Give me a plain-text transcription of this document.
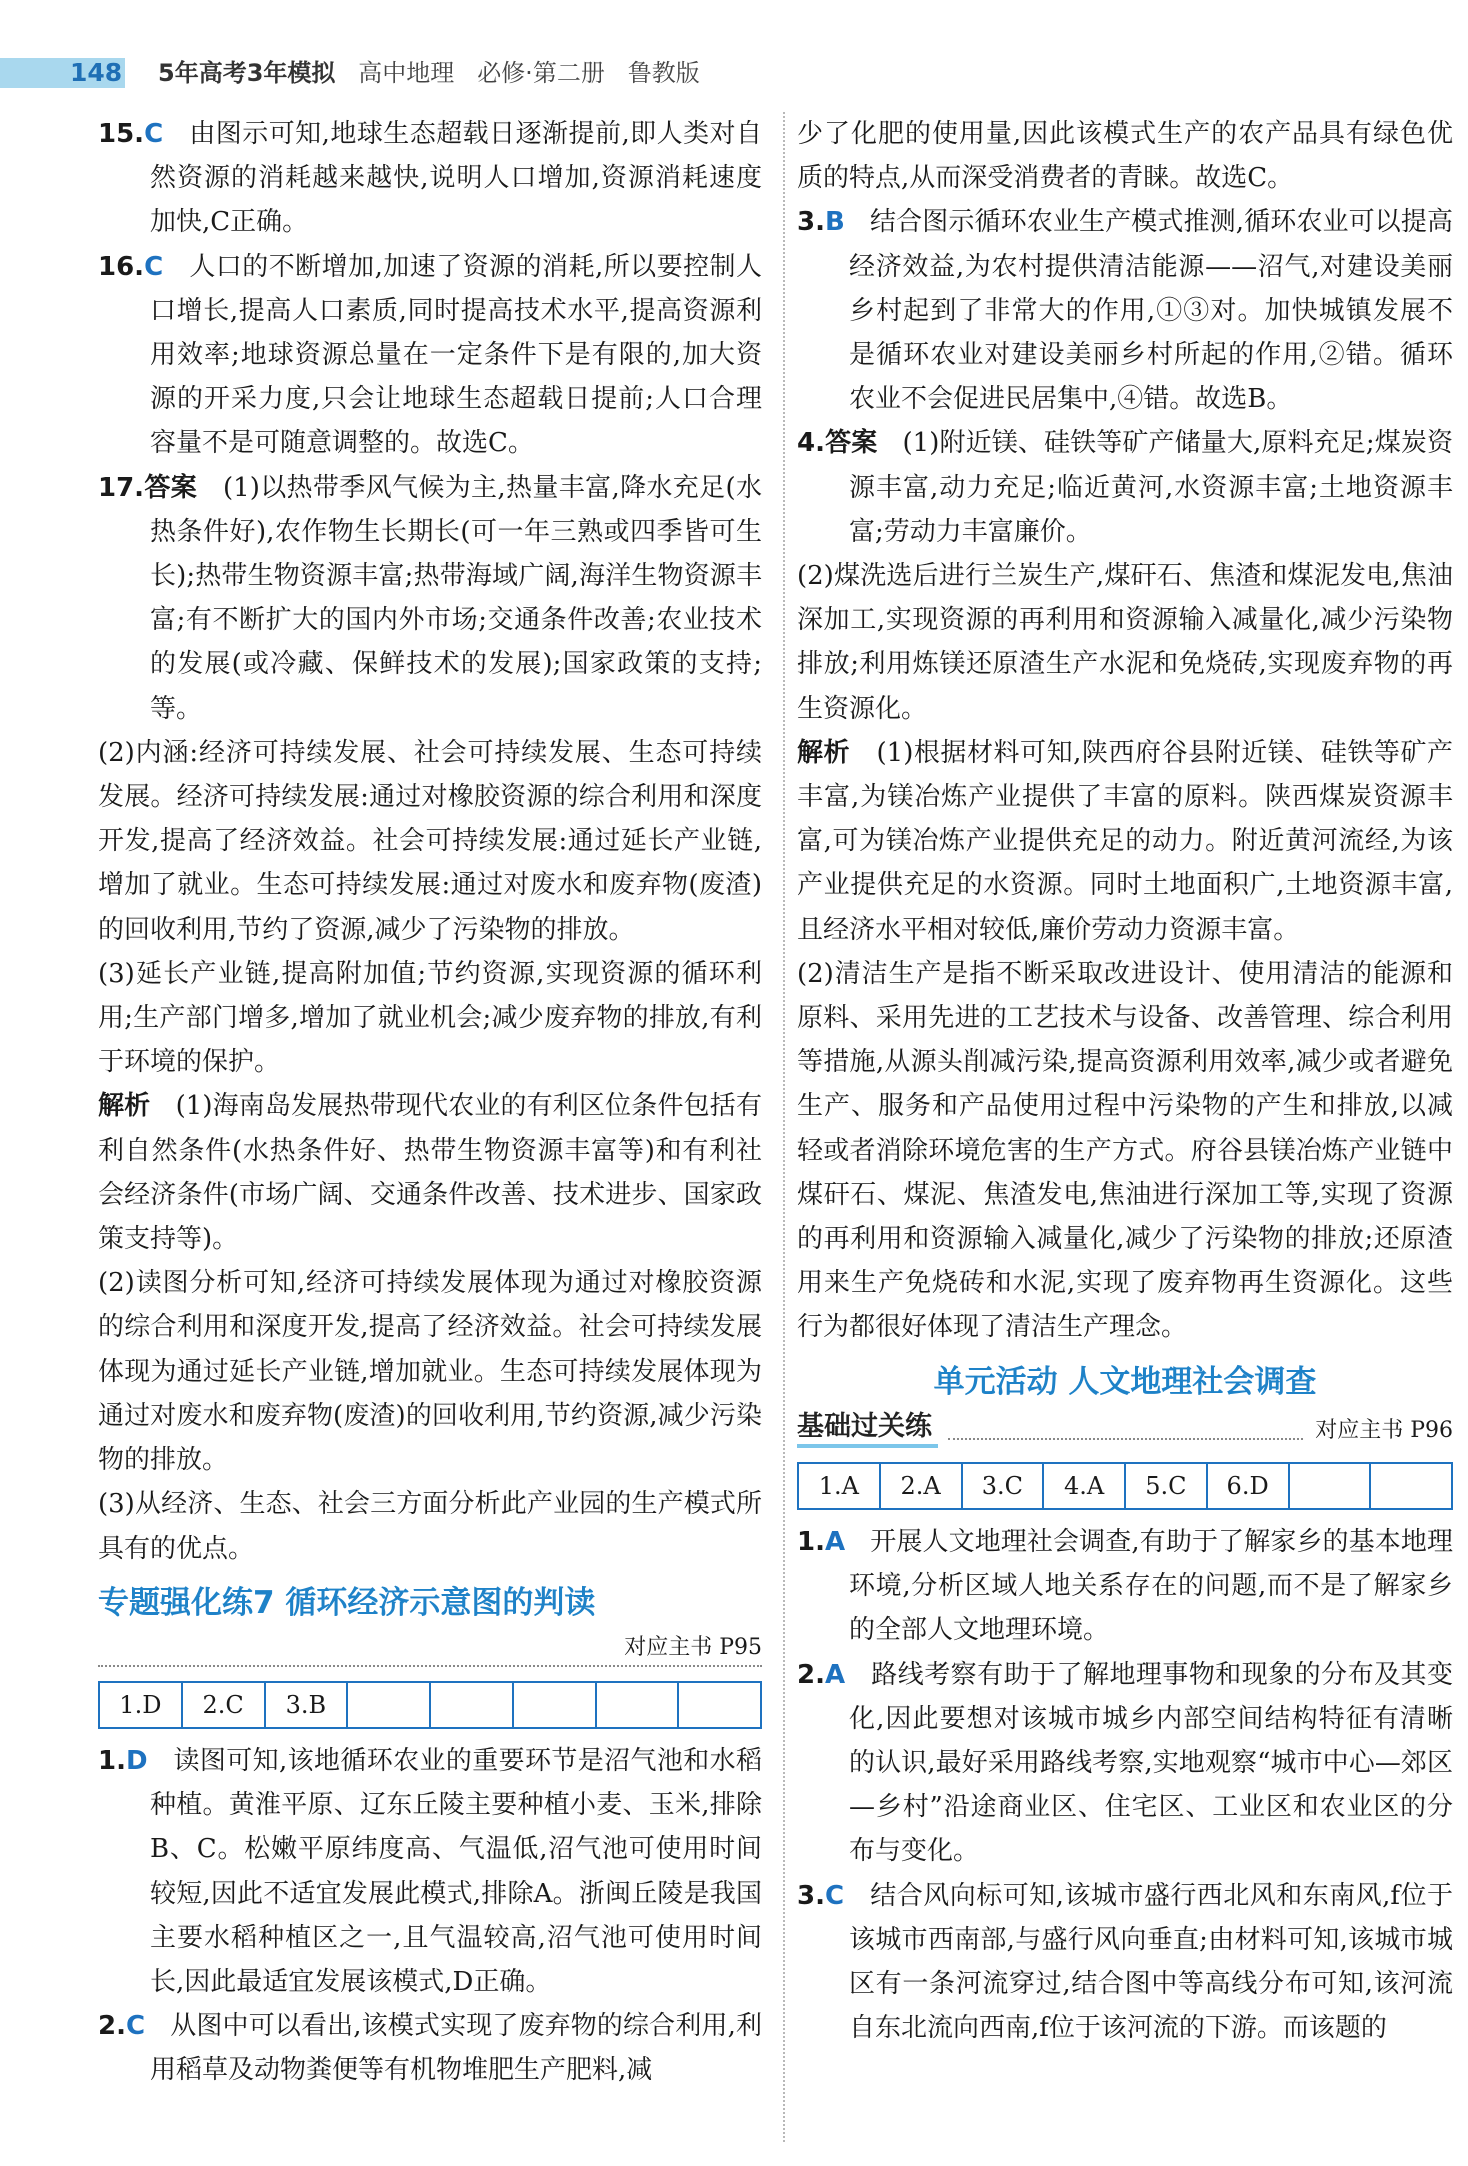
148 5年高考3年模拟 高中地理 必修·第二册 鲁教版

15.C 由图示可知,地球生态超载日逐渐提前,即人类对自然资源的消耗越来越快,说明人口增加,资源消耗速度加快,C正确。

16.C 人口的不断增加,加速了资源的消耗,所以要控制人口增长,提高人口素质,同时提高技术水平,提高资源利用效率;地球资源总量在一定条件下是有限的,加大资源的开采力度,只会让地球生态超载日提前;人口合理容量不是可随意调整的。故选C。

17.答案 (1)以热带季风气候为主,热量丰富,降水充足(水热条件好),农作物生长期长(可一年三熟或四季皆可生长);热带生物资源丰富;热带海域广阔,海洋生物资源丰富;有不断扩大的国内外市场;交通条件改善;农业技术的发展(或冷藏、保鲜技术的发展);国家政策的支持;等。

(2)内涵:经济可持续发展、社会可持续发展、生态可持续发展。经济可持续发展:通过对橡胶资源的综合利用和深度开发,提高了经济效益。社会可持续发展:通过延长产业链,增加了就业。生态可持续发展:通过对废水和废弃物(废渣)的回收利用,节约了资源,减少了污染物的排放。

(3)延长产业链,提高附加值;节约资源,实现资源的循环利用;生产部门增多,增加了就业机会;减少废弃物的排放,有利于环境的保护。

解析 (1)海南岛发展热带现代农业的有利区位条件包括有利自然条件(水热条件好、热带生物资源丰富等)和有利社会经济条件(市场广阔、交通条件改善、技术进步、国家政策支持等)。

(2)读图分析可知,经济可持续发展体现为通过对橡胶资源的综合利用和深度开发,提高了经济效益。社会可持续发展体现为通过延长产业链,增加就业。生态可持续发展体现为通过对废水和废弃物(废渣)的回收利用,节约资源,减少污染物的排放。

(3)从经济、生态、社会三方面分析此产业园的生产模式所具有的优点。

专题强化练7 循环经济示意图的判读
对应主书 P95
1.D	2.C	3.B					

1.D 读图可知,该地循环农业的重要环节是沼气池和水稻种植。黄淮平原、辽东丘陵主要种植小麦、玉米,排除B、C。松嫩平原纬度高、气温低,沼气池可使用时间较短,因此不适宜发展此模式,排除A。浙闽丘陵是我国主要水稻种植区之一,且气温较高,沼气池可使用时间长,因此最适宜发展该模式,D正确。

2.C 从图中可以看出,该模式实现了废弃物的综合利用,利用稻草及动物粪便等有机物堆肥生产肥料,减

少了化肥的使用量,因此该模式生产的农产品具有绿色优质的特点,从而深受消费者的青睐。故选C。

3.B 结合图示循环农业生产模式推测,循环农业可以提高经济效益,为农村提供清洁能源——沼气,对建设美丽乡村起到了非常大的作用,①③对。加快城镇发展不是循环农业对建设美丽乡村所起的作用,②错。循环农业不会促进民居集中,④错。故选B。

4.答案 (1)附近镁、硅铁等矿产储量大,原料充足;煤炭资源丰富,动力充足;临近黄河,水资源丰富;土地资源丰富;劳动力丰富廉价。

(2)煤洗选后进行兰炭生产,煤矸石、焦渣和煤泥发电,焦油深加工,实现资源的再利用和资源输入减量化,减少污染物排放;利用炼镁还原渣生产水泥和免烧砖,实现废弃物的再生资源化。

解析 (1)根据材料可知,陕西府谷县附近镁、硅铁等矿产丰富,为镁冶炼产业提供了丰富的原料。陕西煤炭资源丰富,可为镁冶炼产业提供充足的动力。附近黄河流经,为该产业提供充足的水资源。同时土地面积广,土地资源丰富,且经济水平相对较低,廉价劳动力资源丰富。

(2)清洁生产是指不断采取改进设计、使用清洁的能源和原料、采用先进的工艺技术与设备、改善管理、综合利用等措施,从源头削减污染,提高资源利用效率,减少或者避免生产、服务和产品使用过程中污染物的产生和排放,以减轻或者消除环境危害的生产方式。府谷县镁冶炼产业链中煤矸石、煤泥、焦渣发电,焦油进行深加工等,实现了资源的再利用和资源输入减量化,减少了污染物的排放;还原渣用来生产免烧砖和水泥,实现了废弃物再生资源化。这些行为都很好体现了清洁生产理念。

单元活动 人文地理社会调查
基础过关练	对应主书 P96
1.A	2.A	3.C	4.A	5.C	6.D		

1.A 开展人文地理社会调查,有助于了解家乡的基本地理环境,分析区域人地关系存在的问题,而不是了解家乡的全部人文地理环境。

2.A 路线考察有助于了解地理事物和现象的分布及其变化,因此要想对该城市城乡内部空间结构特征有清晰的认识,最好采用路线考察,实地观察“城市中心—郊区—乡村”沿途商业区、住宅区、工业区和农业区的分布与变化。

3.C 结合风向标可知,该城市盛行西北风和东南风,f位于该城市西南部,与盛行风向垂直;由材料可知,该城市城区有一条河流穿过,结合图中等高线分布可知,该河流自东北流向西南,f位于该河流的下游。而该题的
